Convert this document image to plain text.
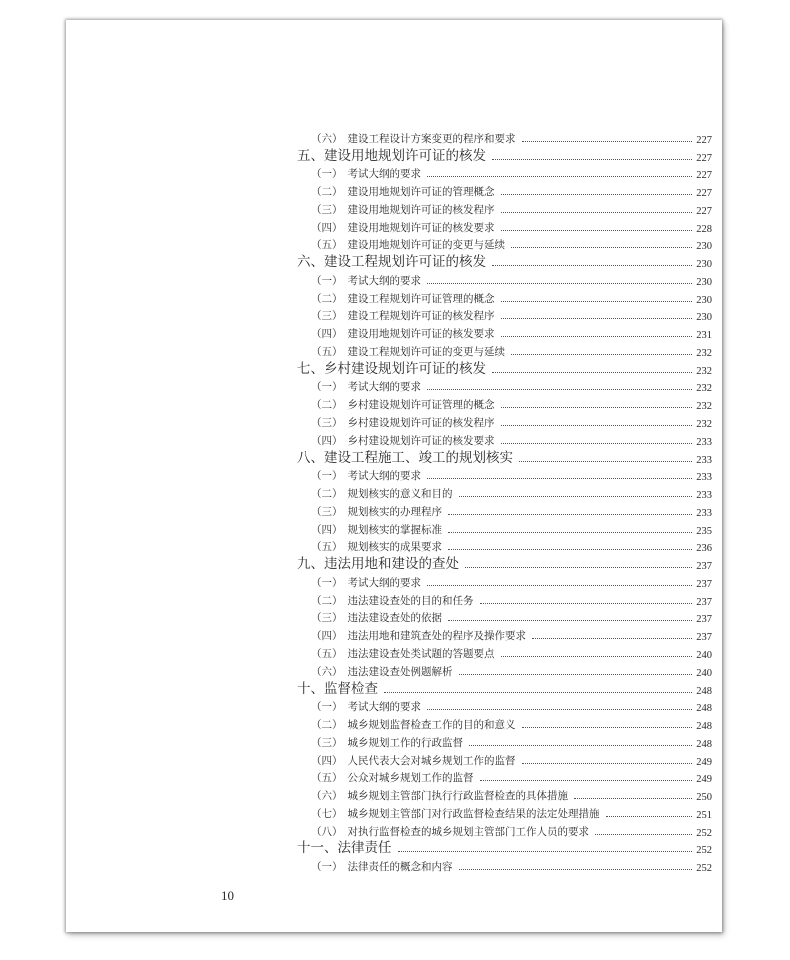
（六） 建设工程设计方案变更的程序和要求	227
五、建设用地规划许可证的核发	227
（一） 考试大纲的要求	227
（二） 建设用地规划许可证的管理概念	227
（三） 建设用地规划许可证的核发程序	227
（四） 建设用地规划许可证的核发要求	228
（五） 建设用地规划许可证的变更与延续	230
六、建设工程规划许可证的核发	230
（一） 考试大纲的要求	230
（二） 建设工程规划许可证管理的概念	230
（三） 建设工程规划许可证的核发程序	230
（四） 建设用地规划许可证的核发要求	231
（五） 建设工程规划许可证的变更与延续	232
七、乡村建设规划许可证的核发	232
（一） 考试大纲的要求	232
（二） 乡村建设规划许可证管理的概念	232
（三） 乡村建设规划许可证的核发程序	232
（四） 乡村建设规划许可证的核发要求	233
八、建设工程施工、竣工的规划核实	233
（一） 考试大纲的要求	233
（二） 规划核实的意义和目的	233
（三） 规划核实的办理程序	233
（四） 规划核实的掌握标准	235
（五） 规划核实的成果要求	236
九、违法用地和建设的查处	237
（一） 考试大纲的要求	237
（二） 违法建设查处的目的和任务	237
（三） 违法建设查处的依据	237
（四） 违法用地和建筑查处的程序及操作要求	237
（五） 违法建设查处类试题的答题要点	240
（六） 违法建设查处例题解析	240
十、监督检查	248
（一） 考试大纲的要求	248
（二） 城乡规划监督检查工作的目的和意义	248
（三） 城乡规划工作的行政监督	248
（四） 人民代表大会对城乡规划工作的监督	249
（五） 公众对城乡规划工作的监督	249
（六） 城乡规划主管部门执行行政监督检查的具体措施	250
（七） 城乡规划主管部门对行政监督检查结果的法定处理措施	251
（八） 对执行监督检查的城乡规划主管部门工作人员的要求	252
十一、法律责任	252
（一） 法律责任的概念和内容	252
10
